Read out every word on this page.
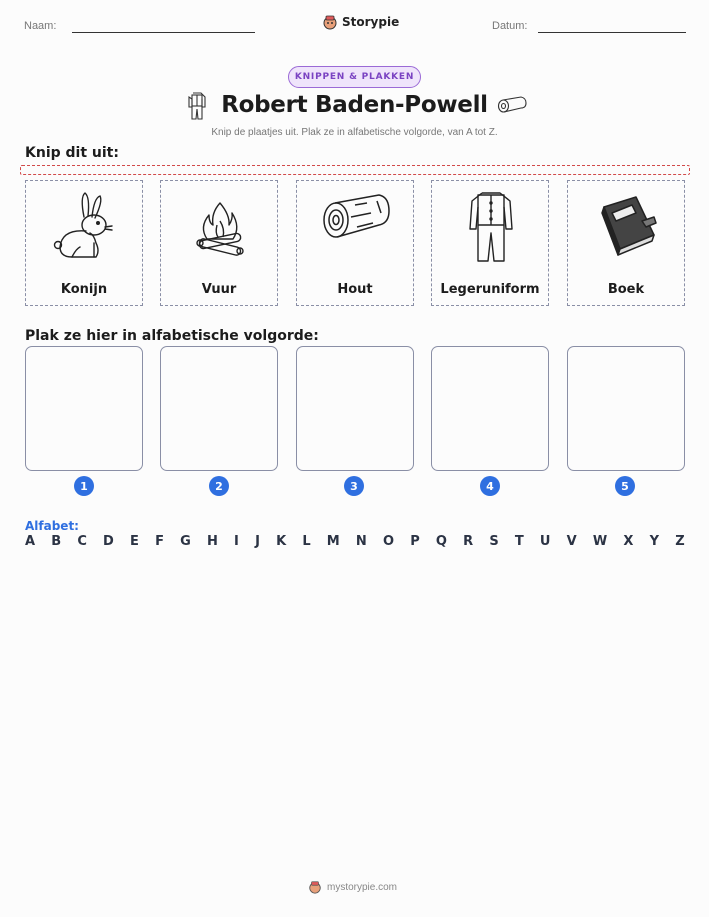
Naam:	Storypie	Datum:
KNIPPEN & PLAKKEN
Robert Baden-Powell
Knip de plaatjes uit. Plak ze in alfabetische volgorde, van A tot Z.
Knip dit uit:
Konijn	Vuur	Hout	Legeruniform	Boek
Plak ze hier in alfabetische volgorde:
1	2	3	4	5
Alfabet:
A B C D E F G H I J K L M N O P Q R S T U V W X Y Z
mystorypie.com
